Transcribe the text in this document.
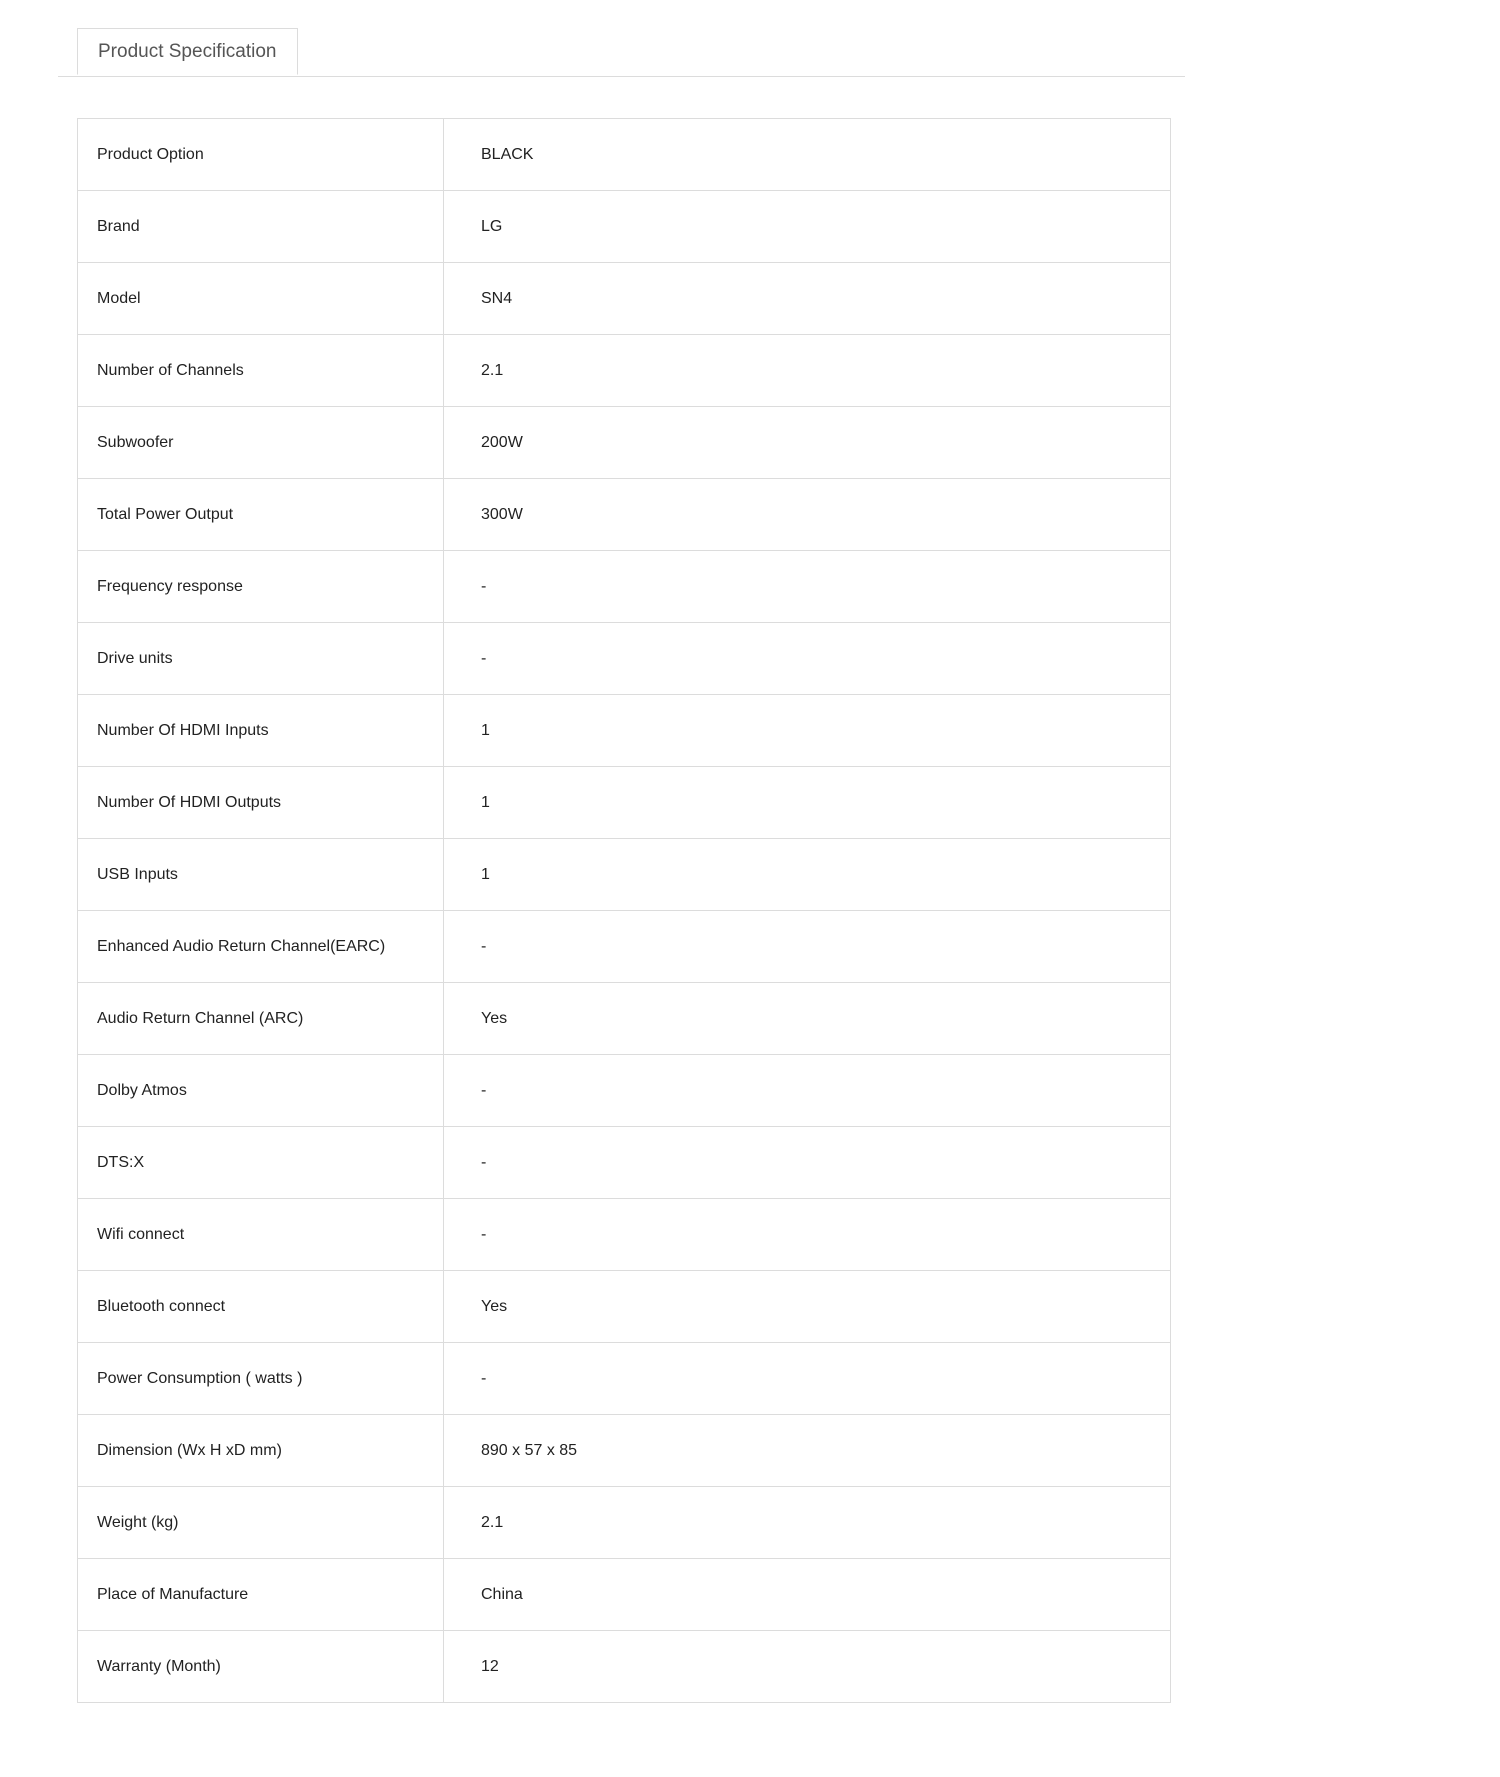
Product Specification
Product Option	BLACK
Brand	LG
Model	SN4
Number of Channels	2.1
Subwoofer	200W
Total Power Output	300W
Frequency response	-
Drive units	-
Number Of HDMI Inputs	1
Number Of HDMI Outputs	1
USB Inputs	1
Enhanced Audio Return Channel(EARC)	-
Audio Return Channel (ARC)	Yes
Dolby Atmos	-
DTS:X	-
Wifi connect	-
Bluetooth connect	Yes
Power Consumption ( watts )	-
Dimension (Wx H xD mm)	890 x 57 x 85
Weight (kg)	2.1
Place of Manufacture	China
Warranty (Month)	12
